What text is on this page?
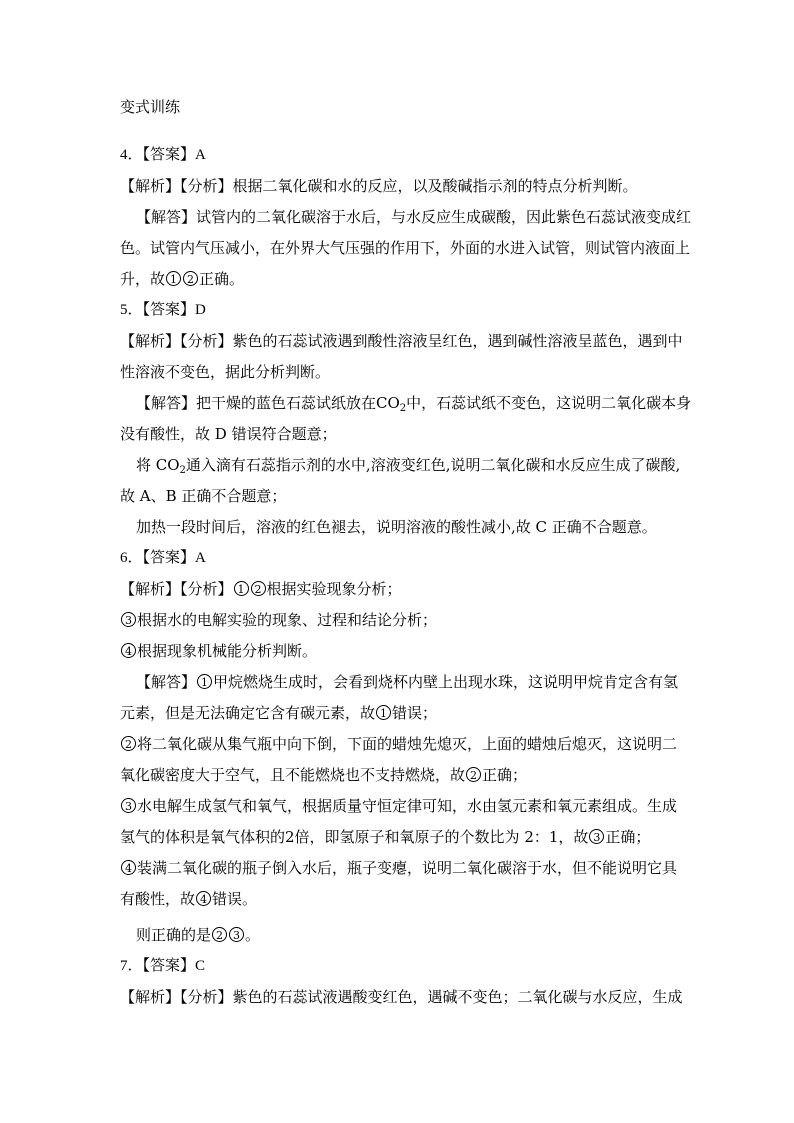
变式训练
4．【答案】A
【解析】【分析】根据二氧化碳和水的反应，以及酸碱指示剂的特点分析判断。
【解答】试管内的二氧化碳溶于水后，与水反应生成碳酸，因此紫色石蕊试液变成红
色。试管内气压减小，在外界大气压强的作用下，外面的水进入试管，则试管内液面上
升，故 1 2 正确。
5．【答案】D
【解析】【分析】紫色的石蕊试液遇到酸性溶液呈红色，遇到碱性溶液呈蓝色，遇到中
性溶液不变色，据此分析判断。
【解答】把干燥的蓝色石蕊试纸放在$CO_2$中，石蕊试纸不变色，这说明二氧化碳本身
没有酸性，故 D 错误符合题意；
将 $CO_2$通入滴有石蕊指示剂的水中,溶液变红色,说明二氧化碳和水反应生成了碳酸,
故 A、B 正确不合题意；
加热一段时间后，溶液的红色褪去，说明溶液的酸性减小,故 C 正确不合题意。
6．【答案】A
【解析】【分析】 1 2 根据实验现象分析；
3 根据水的电解实验的现象、过程和结论分析；
4 根据现象机械能分析判断。
【解答】 1 甲烷燃烧生成时，会看到烧杯内壁上出现水珠，这说明甲烷肯定含有氢
元素，但是无法确定它含有碳元素，故 1 错误；
2 将二氧化碳从集气瓶中向下倒，下面的蜡烛先熄灭，上面的蜡烛后熄灭，这说明二
氧化碳密度大于空气，且不能燃烧也不支持燃烧，故 2 正确；
3 水电解生成氢气和氧气，根据质量守恒定律可知，水由氢元素和氧元素组成。生成
氢气的体积是氧气体积的2倍，即氢原子和氧原子的个数比为 2：1，故 3 正确；
4 装满二氧化碳的瓶子倒入水后，瓶子变瘪，说明二氧化碳溶于水，但不能说明它具
有酸性，故 4 错误。
则正确的是 2 3 。
7．【答案】C
【解析】【分析】紫色的石蕊试液遇酸变红色，遇碱不变色；二氧化碳与水反应，生成
